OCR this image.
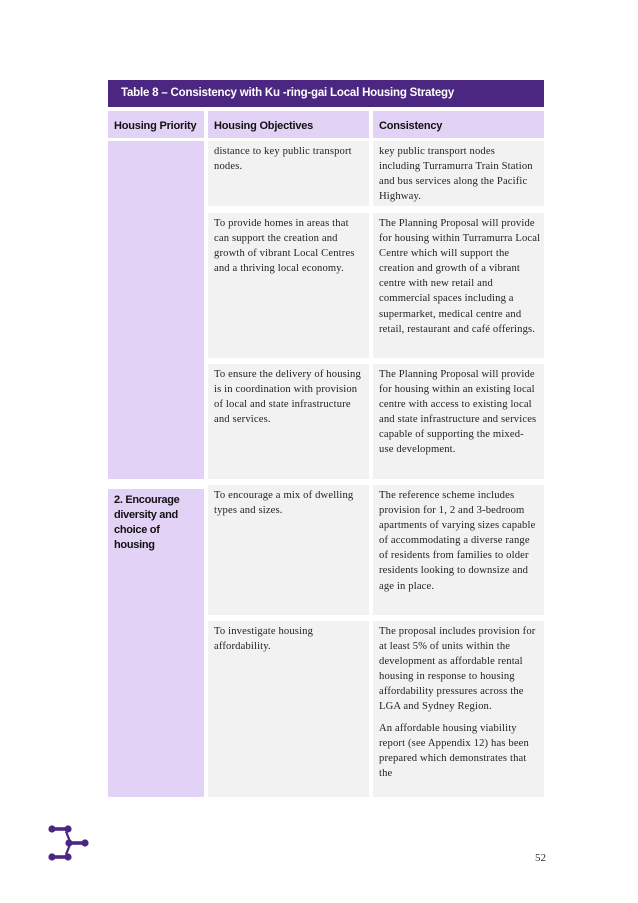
Table 8 – Consistency with Ku -ring-gai Local Housing Strategy
Housing Priority	Housing Objectives	Consistency
2. Encourage diversity and choice of housing
distance to key public transport nodes.

key public transport nodes including Turramurra Train Station and bus services along the Pacific Highway.

To provide homes in areas that can support the creation and growth of vibrant Local Centres and a thriving local economy.

The Planning Proposal will provide for housing within Turramurra Local Centre which will support the creation and growth of a vibrant centre with new retail and commercial spaces including a supermarket, medical centre and retail, restaurant and café offerings.

To ensure the delivery of housing is in coordination with provision of local and state infrastructure and services.

The Planning Proposal will provide for housing within an existing local centre with access to existing local and state infrastructure and services capable of supporting the mixed-use development.

To encourage a mix of dwelling types and sizes.

The reference scheme includes provision for 1, 2 and 3-bedroom apartments of varying sizes capable of accommodating a diverse range of residents from families to older residents looking to downsize and age in place.

To investigate housing affordability.

The proposal includes provision for at least 5% of units within the development as affordable rental housing in response to housing affordability pressures across the LGA and Sydney Region.

An affordable housing viability report (see Appendix 12) has been prepared which demonstrates that the

52
